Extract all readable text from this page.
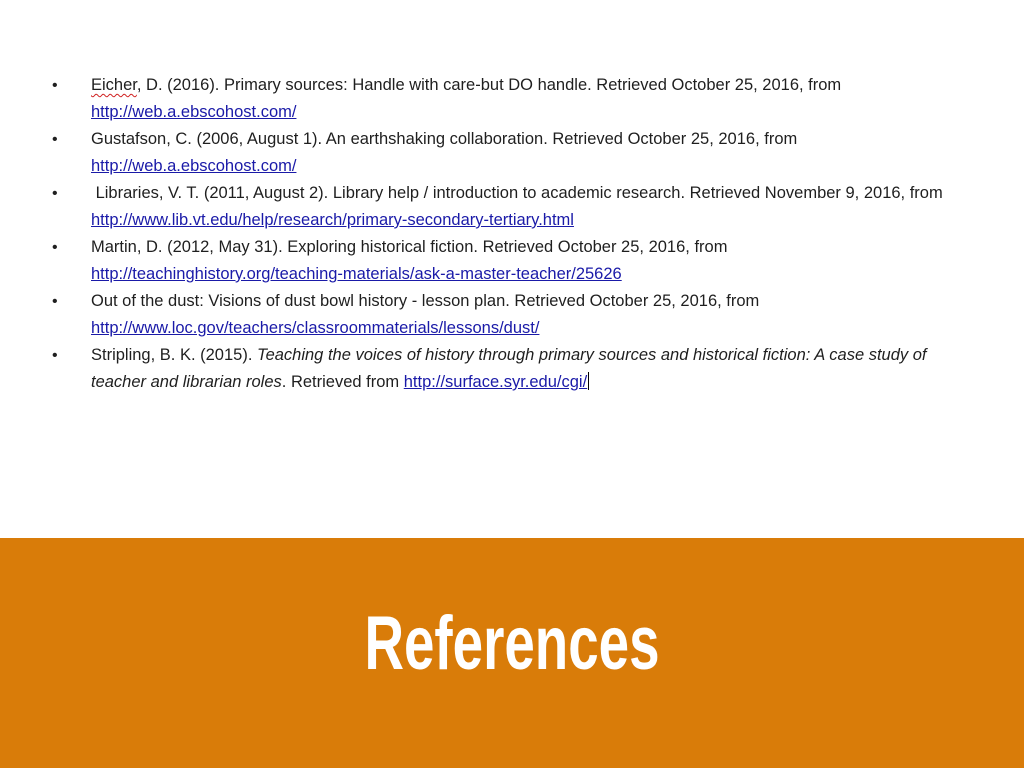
•	Eicher, D. (2016). Primary sources: Handle with care-but DO handle. Retrieved October 25, 2016, from http://web.a.ebscohost.com/
•	Gustafson, C. (2006, August 1). An earthshaking collaboration. Retrieved October 25, 2016, from http://web.a.ebscohost.com/
•	Libraries, V. T. (2011, August 2). Library help / introduction to academic research. Retrieved November 9, 2016, from http://www.lib.vt.edu/help/research/primary-secondary-tertiary.html
•	Martin, D. (2012, May 31). Exploring historical fiction. Retrieved October 25, 2016, from http://teachinghistory.org/teaching-materials/ask-a-master-teacher/25626
•	Out of the dust: Visions of dust bowl history - lesson plan. Retrieved October 25, 2016, from http://www.loc.gov/teachers/classroommaterials/lessons/dust/
•	Stripling, B. K. (2015). Teaching the voices of history through primary sources and historical fiction: A case study of teacher and librarian roles. Retrieved from http://surface.syr.edu/cgi/
References
